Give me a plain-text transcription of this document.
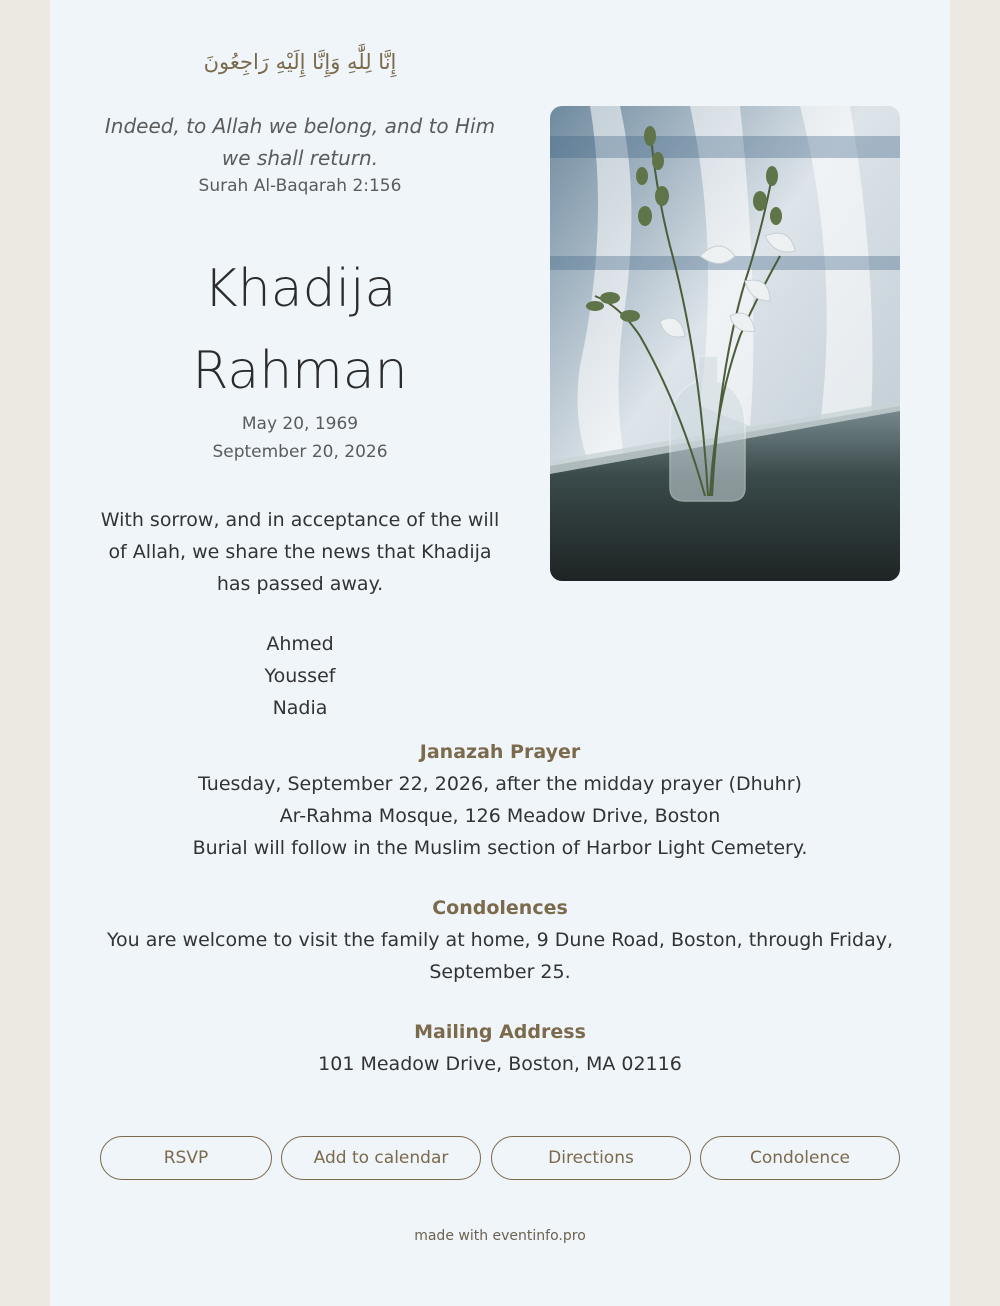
إِنَّا لِلَّٰهِ وَإِنَّا إِلَيْهِ رَاجِعُونَ
Indeed, to Allah we belong, and to Him we shall return.
Surah Al-Baqarah 2:156
Khadija
Rahman
May 20, 1969
September 20, 2026
With sorrow, and in acceptance of the will of Allah, we share the news that Khadija has passed away.
Ahmed
Youssef
Nadia
Janazah Prayer
Tuesday, September 22, 2026, after the midday prayer (Dhuhr)
Ar-Rahma Mosque, 126 Meadow Drive, Boston
Burial will follow in the Muslim section of Harbor Light Cemetery.
Condolences
You are welcome to visit the family at home, 9 Dune Road, Boston, through Friday,
September 25.
Mailing Address
101 Meadow Drive, Boston, MA 02116
RSVP	Add to calendar	Directions	Condolence
made with eventinfo.pro
